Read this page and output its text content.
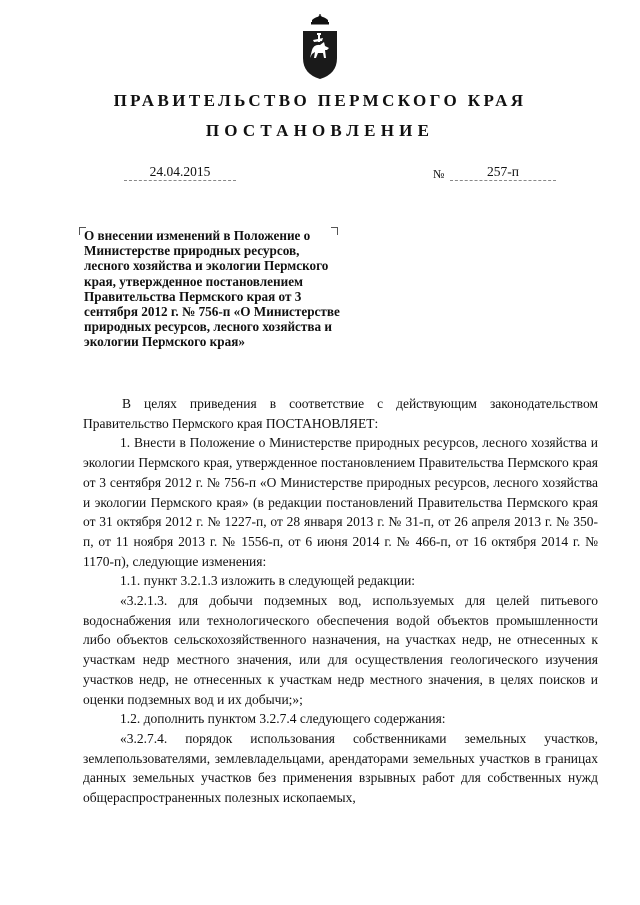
ПРАВИТЕЛЬСТВО ПЕРМСКОГО КРАЯ
ПОСТАНОВЛЕНИЕ
24.04.2015	№	257-п
О внесении изменений в Положение о Министерстве природных ресурсов, лесного хозяйства и экологии Пермского края, утвержденное постановлением Правительства Пермского края от 3 сентября 2012 г. № 756-п «О Министерстве природных ресурсов, лесного хозяйства и экологии Пермского края»

В целях приведения в соответствие с действующим законодательством Правительство Пермского края ПОСТАНОВЛЯЕТ:

1. Внести в Положение о Министерстве природных ресурсов, лесного хозяйства и экологии Пермского края, утвержденное постановлением Правительства Пермского края от 3 сентября 2012 г. № 756-п «О Министерстве природных ресурсов, лесного хозяйства и экологии Пермского края» (в редакции постановлений Правительства Пермского края от 31 октября 2012 г. № 1227-п, от 28 января 2013 г. № 31-п, от 26 апреля 2013 г. № 350-п, от 11 ноября 2013 г. № 1556-п, от 6 июня 2014 г. № 466-п, от 16 октября 2014 г. № 1170-п), следующие изменения:

1.1. пункт 3.2.1.3 изложить в следующей редакции:

«3.2.1.3. для добычи подземных вод, используемых для целей питьевого водоснабжения или технологического обеспечения водой объектов промышленности либо объектов сельскохозяйственного назначения, на участках недр, не отнесенных к участкам недр местного значения, или для осуществления геологического изучения участков недр, не отнесенных к участкам недр местного значения, в целях поисков и оценки подземных вод и их добычи;»;

1.2. дополнить пунктом 3.2.7.4 следующего содержания:

«3.2.7.4. порядок использования собственниками земельных участков, землепользователями, землевладельцами, арендаторами земельных участков в границах данных земельных участков без применения взрывных работ для собственных нужд общераспространенных полезных ископаемых,
